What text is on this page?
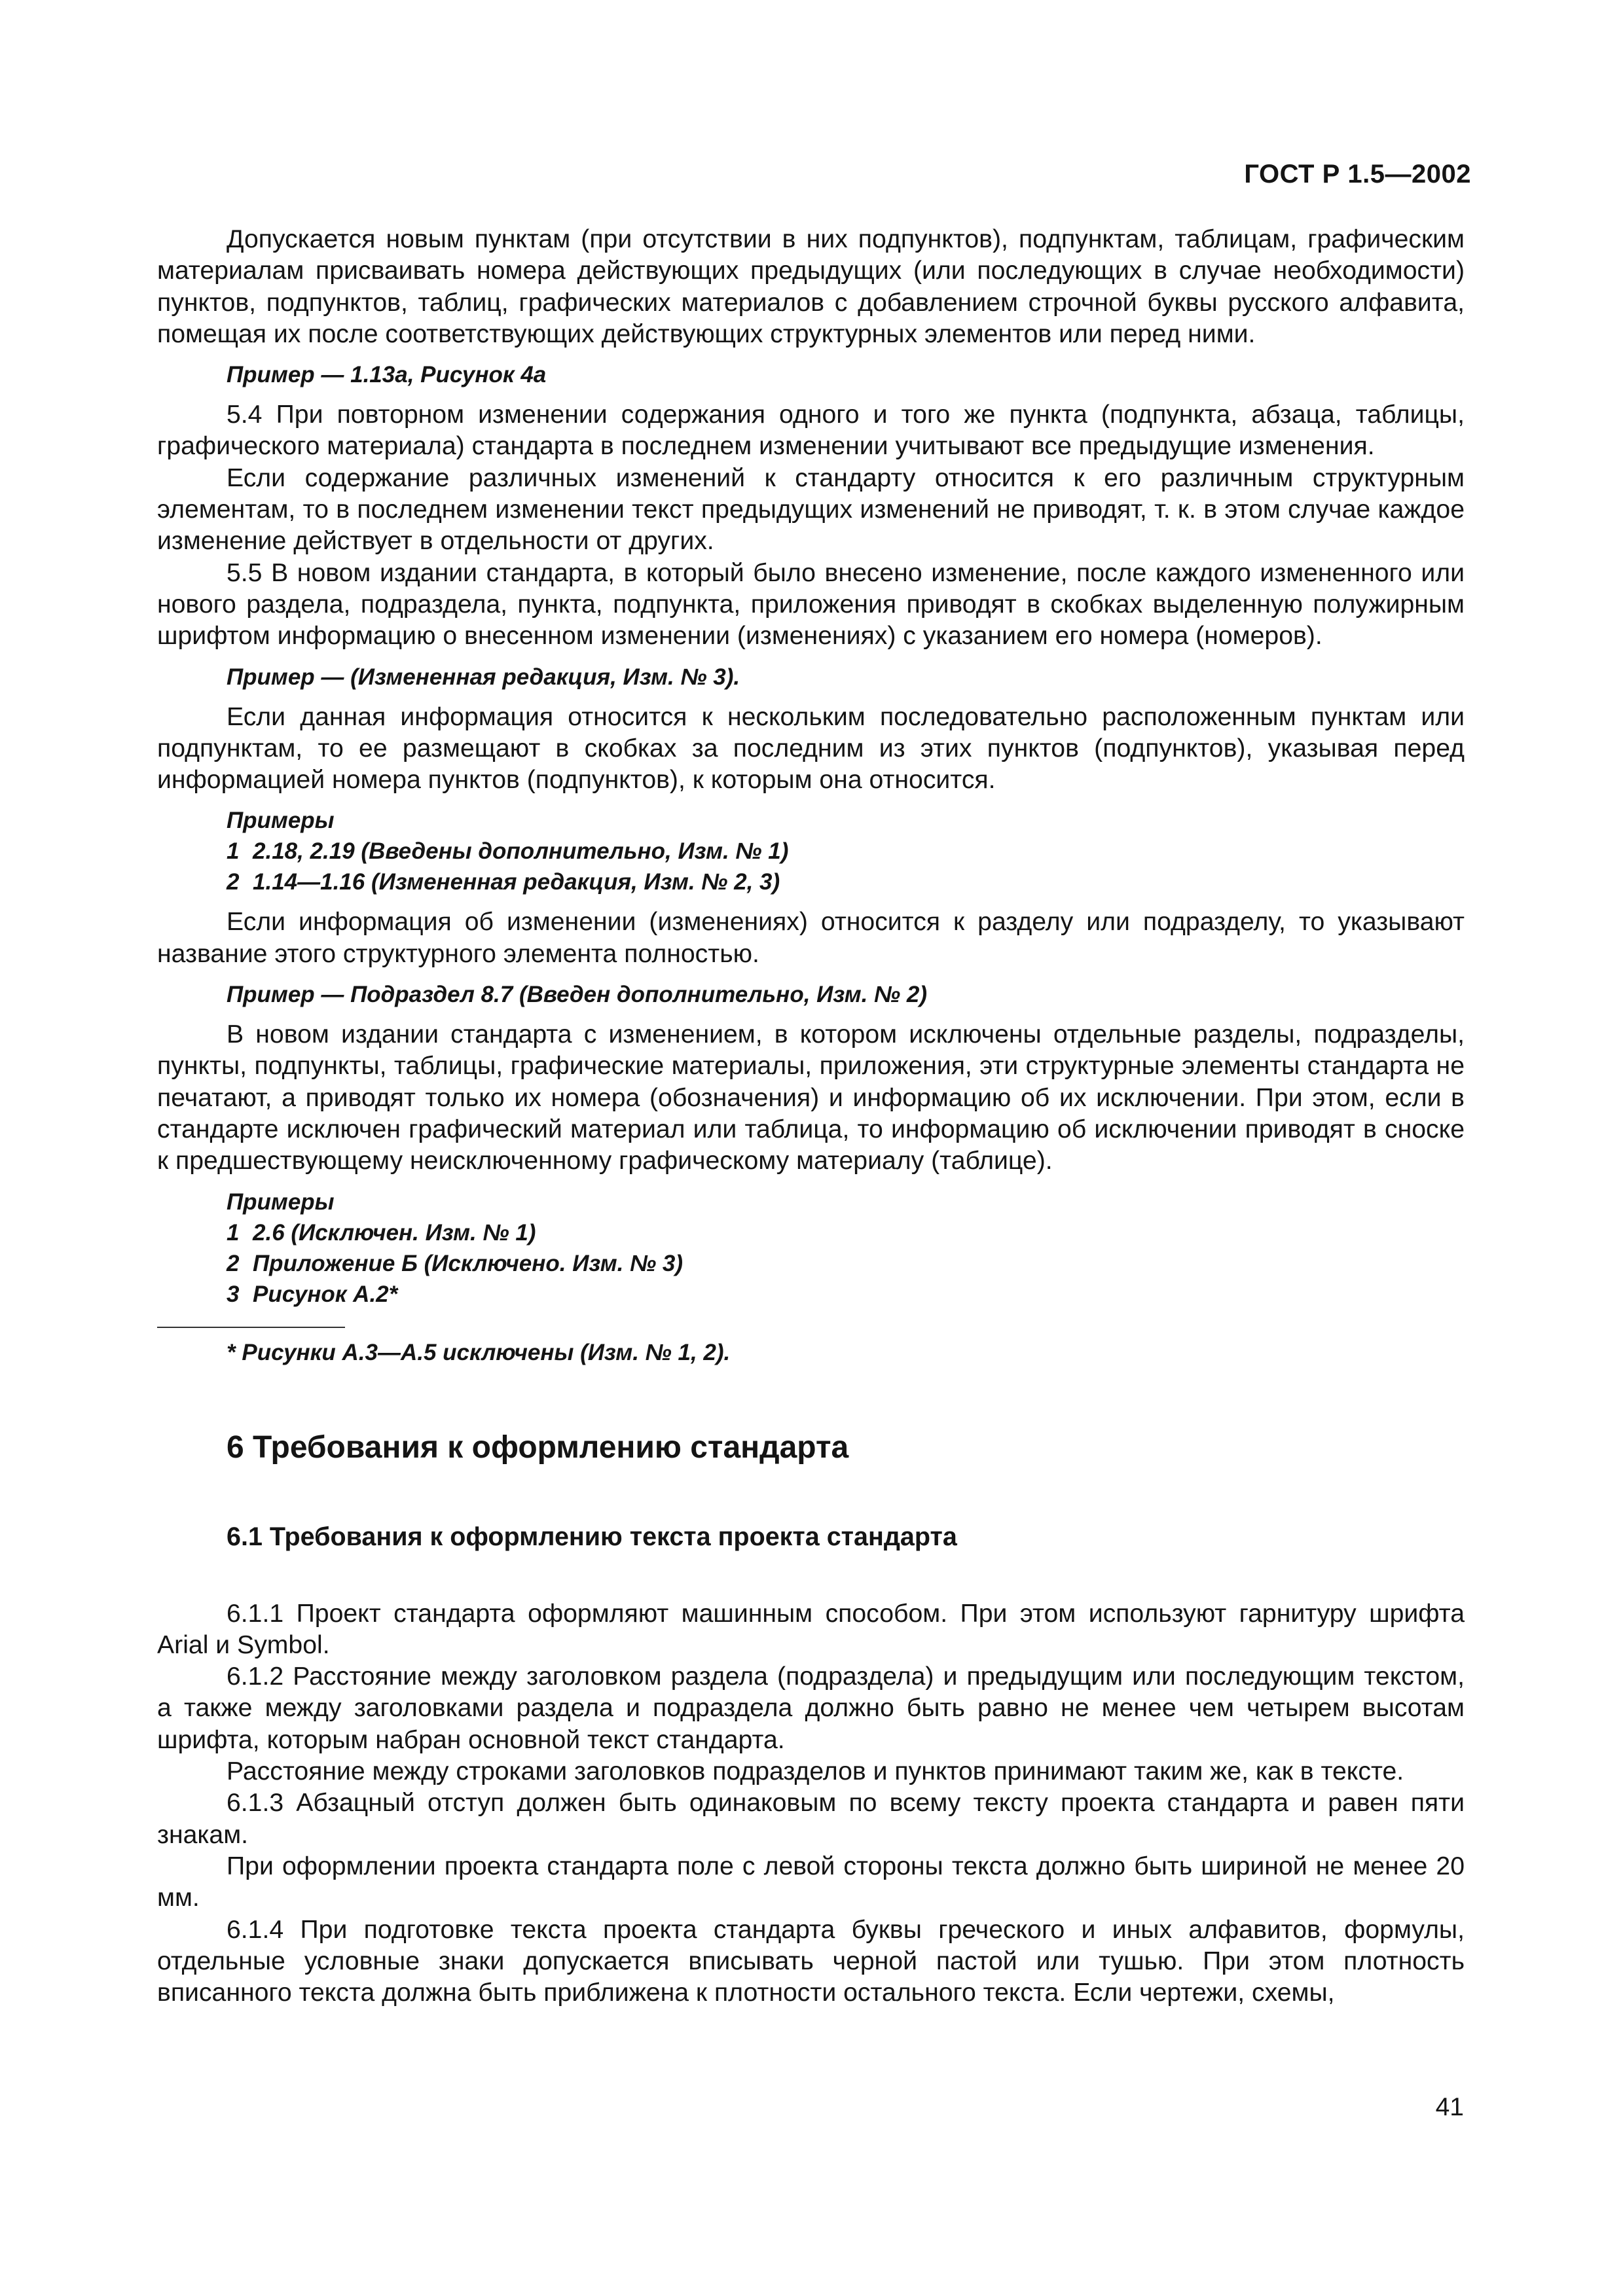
ГОСТ Р 1.5—2002

Допускается новым пунктам (при отсутствии в них подпунктов), подпунктам, таблицам, графическим материалам присваивать номера действующих предыдущих (или последующих в случае необходимости) пунктов, подпунктов, таблиц, графических материалов с добавлением строчной буквы русского алфавита, помещая их после соответствующих действующих структурных элементов или перед ними.

Пример — 1.13а, Рисунок 4а

5.4 При повторном изменении содержания одного и того же пункта (подпункта, абзаца, таблицы, графического материала) стандарта в последнем изменении учитывают все предыдущие изменения.

Если содержание различных изменений к стандарту относится к его различным структурным элементам, то в последнем изменении текст предыдущих изменений не приводят, т. к. в этом случае каждое изменение действует в отдельности от других.

5.5 В новом издании стандарта, в который было внесено изменение, после каждого измененного или нового раздела, подраздела, пункта, подпункта, приложения приводят в скобках выделенную полужирным шрифтом информацию о внесенном изменении (изменениях) с указанием его номера (номеров).

Пример — (Измененная редакция, Изм. № 3).

Если данная информация относится к нескольким последовательно расположенным пунктам или подпунктам, то ее размещают в скобках за последним из этих пунктов (подпунктов), указывая перед информацией номера пунктов (подпунктов), к которым она относится.

Примеры

1 2.18, 2.19 (Введены дополнительно, Изм. № 1)

2 1.14—1.16 (Измененная редакция, Изм. № 2, 3)

Если информация об изменении (изменениях) относится к разделу или подразделу, то указывают название этого структурного элемента полностью.

Пример — Подраздел 8.7 (Введен дополнительно, Изм. № 2)

В новом издании стандарта с изменением, в котором исключены отдельные разделы, подразделы, пункты, подпункты, таблицы, графические материалы, приложения, эти структурные элементы стандарта не печатают, а приводят только их номера (обозначения) и информацию об их исключении. При этом, если в стандарте исключен графический материал или таблица, то информацию об исключении приводят в сноске к предшествующему неисключенному графическому материалу (таблице).

Примеры

1 2.6 (Исключен. Изм. № 1)

2 Приложение Б (Исключено. Изм. № 3)

3 Рисунок А.2*

* Рисунки А.3—А.5 исключены (Изм. № 1, 2).

6 Требования к оформлению стандарта
6.1 Требования к оформлению текста проекта стандарта

6.1.1 Проект стандарта оформляют машинным способом. При этом используют гарнитуру шрифта Arial и Symbol.

6.1.2 Расстояние между заголовком раздела (подраздела) и предыдущим или последующим текстом, а также между заголовками раздела и подраздела должно быть равно не менее чем четырем высотам шрифта, которым набран основной текст стандарта.

Расстояние между строками заголовков подразделов и пунктов принимают таким же, как в тексте.

6.1.3 Абзацный отступ должен быть одинаковым по всему тексту проекта стандарта и равен пяти знакам.

При оформлении проекта стандарта поле с левой стороны текста должно быть шириной не менее 20 мм.

6.1.4 При подготовке текста проекта стандарта буквы греческого и иных алфавитов, формулы, отдельные условные знаки допускается вписывать черной пастой или тушью. При этом плотность вписанного текста должна быть приближена к плотности остального текста. Если чертежи, схемы,

41
